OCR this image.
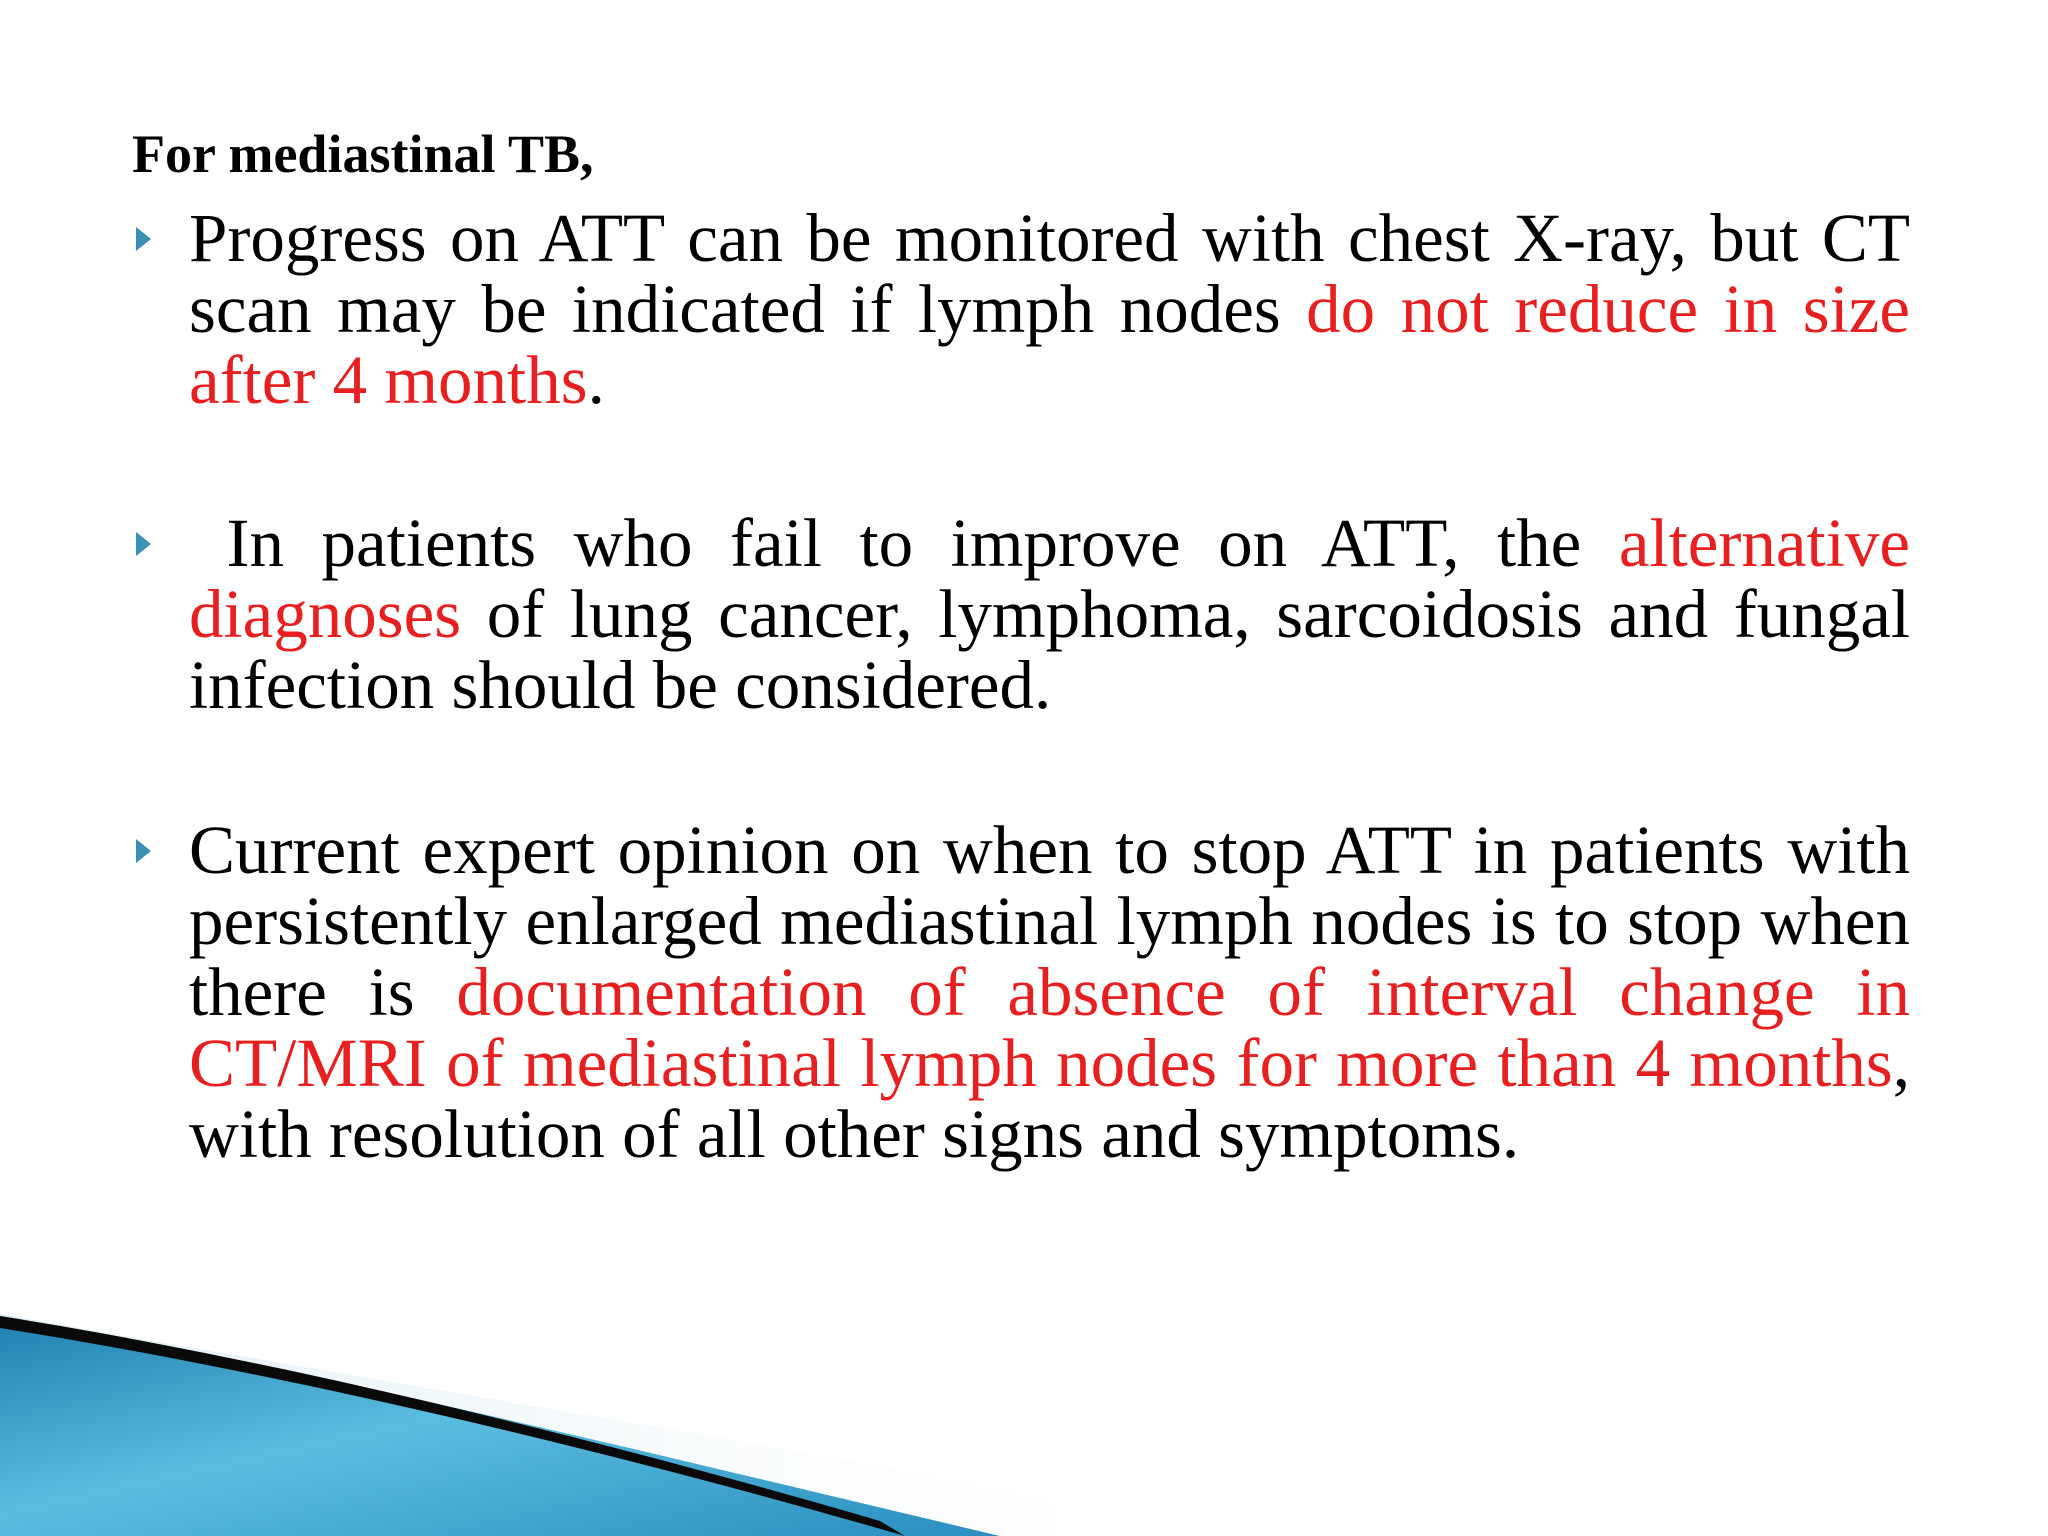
For mediastinal TB,
Progress on ATT can be monitored with chest X-ray, but CT scan may be indicated if lymph nodes do not reduce in size after 4 months.
In patients who fail to improve on ATT, the alternative diagnoses of lung cancer, lymphoma, sarcoidosis and fungal infection should be considered.
Current expert opinion on when to stop ATT in patients with persistently enlarged mediastinal lymph nodes is to stop when there is documentation of absence of interval change in CT/MRI of mediastinal lymph nodes for more than 4 months, with resolution of all other signs and symptoms.
